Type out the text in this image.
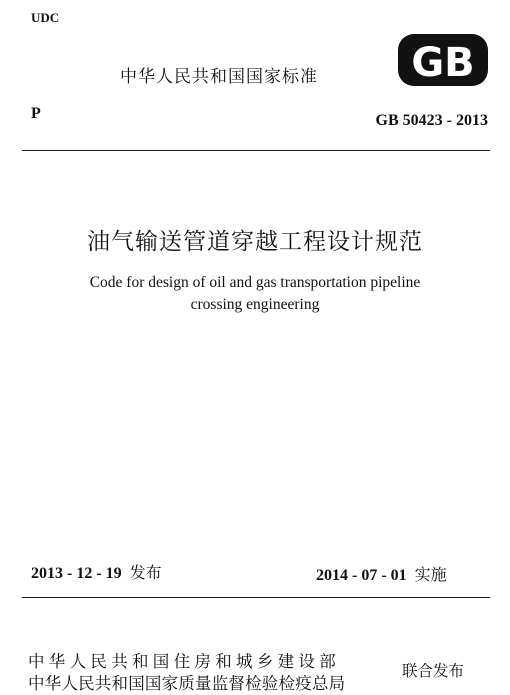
UDC
中华人民共和国国家标准 GB
P	GB 50423 - 2013
油气输送管道穿越工程设计规范
Code for design of oil and gas transportation pipeline
crossing engineering
2013 - 12 - 19 发布	2014 - 07 - 01 实施
中华人民共和国住房和城乡建设部
中华人民共和国国家质量监督检验检疫总局
联合发布
